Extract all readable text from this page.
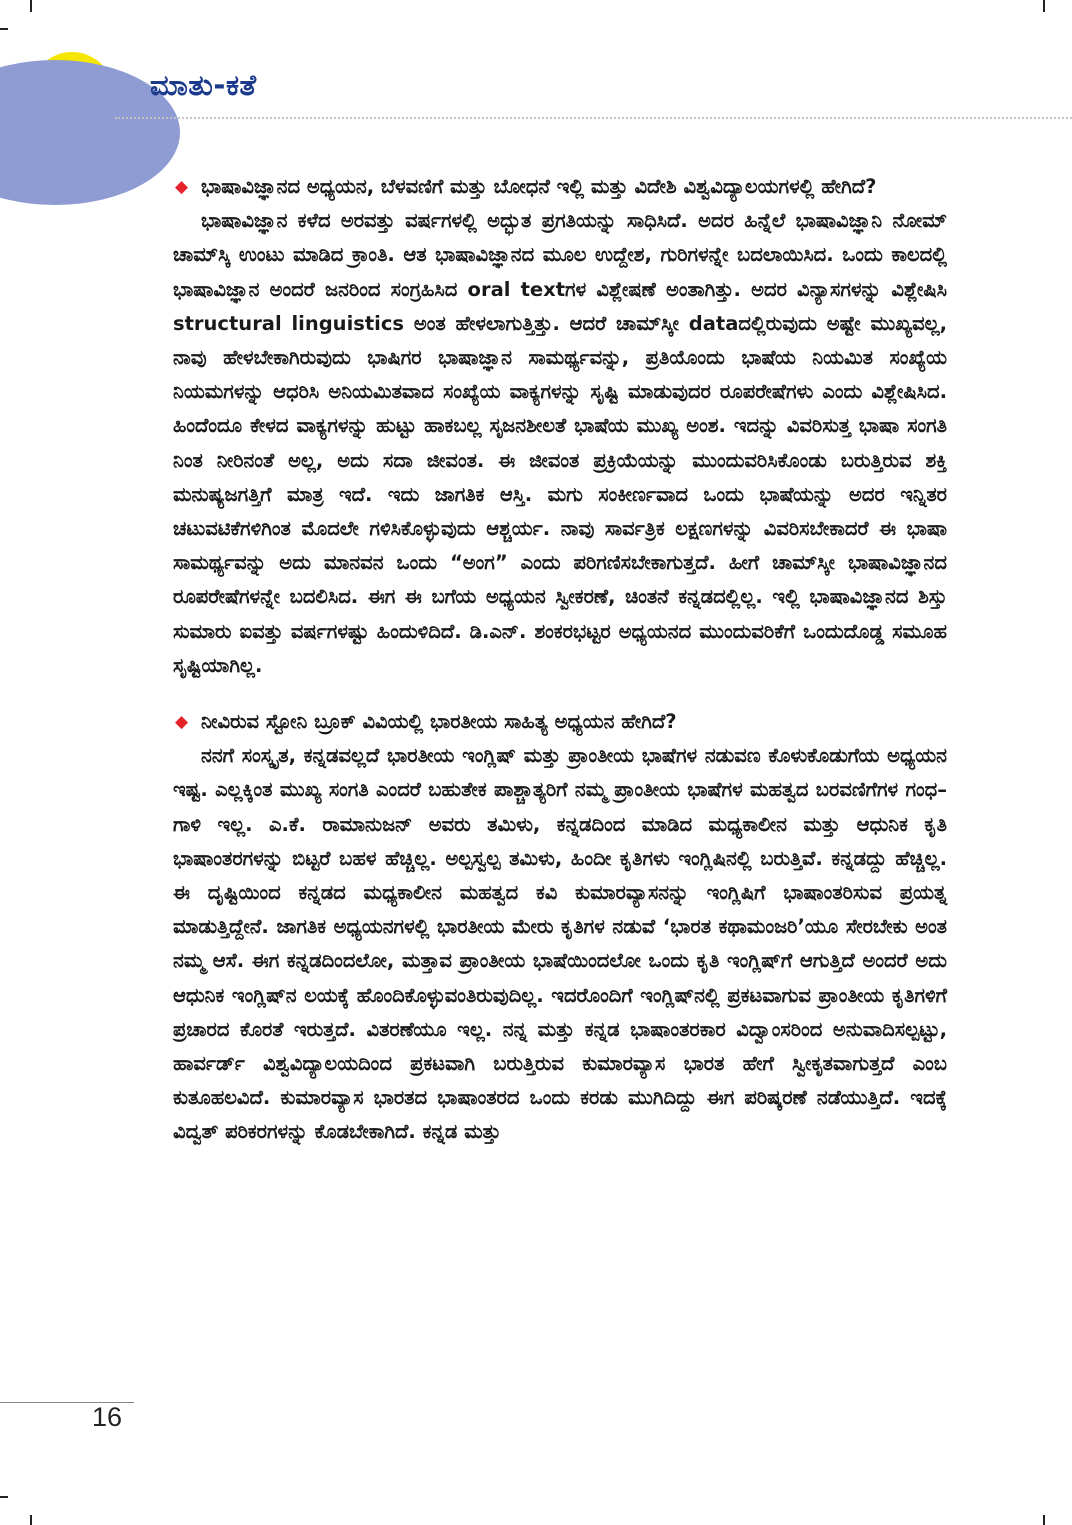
ಮಾತು-ಕತೆ

◆ ಭಾಷಾವಿಜ್ಞಾನದ ಅಧ್ಯಯನ, ಬೆಳವಣಿಗೆ ಮತ್ತು ಬೋಧನೆ ಇಲ್ಲಿ ಮತ್ತು ವಿದೇಶಿ ವಿಶ್ವವಿದ್ಯಾಲಯಗಳಲ್ಲಿ ಹೇಗಿದೆ?

ಭಾಷಾವಿಜ್ಞಾನ ಕಳೆದ ಅರವತ್ತು ವರ್ಷಗಳಲ್ಲಿ ಅದ್ಭುತ ಪ್ರಗತಿಯನ್ನು ಸಾಧಿಸಿದೆ. ಅದರ ಹಿನ್ನೆಲೆ ಭಾಷಾವಿಜ್ಞಾನಿ ನೋಮ್ ಚಾಮ್‌ಸ್ಕಿ ಉಂಟು ಮಾಡಿದ ಕ್ರಾಂತಿ. ಆತ ಭಾಷಾವಿಜ್ಞಾನದ ಮೂಲ ಉದ್ದೇಶ, ಗುರಿಗಳನ್ನೇ ಬದಲಾಯಿಸಿದ. ಒಂದು ಕಾಲದಲ್ಲಿ ಭಾಷಾವಿಜ್ಞಾನ ಅಂದರೆ ಜನರಿಂದ ಸಂಗ್ರಹಿಸಿದ oral textಗಳ ವಿಶ್ಲೇಷಣೆ ಅಂತಾಗಿತ್ತು. ಅದರ ವಿನ್ಯಾಸಗಳನ್ನು ವಿಶ್ಲೇಷಿಸಿ structural linguistics ಅಂತ ಹೇಳಲಾಗುತ್ತಿತ್ತು. ಆದರೆ ಚಾಮ್‌ಸ್ಕೀ dataದಲ್ಲಿರುವುದು ಅಷ್ಟೇ ಮುಖ್ಯವಲ್ಲ, ನಾವು ಹೇಳಬೇಕಾಗಿರುವುದು ಭಾಷಿಗರ ಭಾಷಾಜ್ಞಾನ ಸಾಮರ್ಥ್ಯವನ್ನು, ಪ್ರತಿಯೊಂದು ಭಾಷೆಯ ನಿಯಮಿತ ಸಂಖ್ಯೆಯ ನಿಯಮಗಳನ್ನು ಆಧರಿಸಿ ಅನಿಯಮಿತವಾದ ಸಂಖ್ಯೆಯ ವಾಕ್ಯಗಳನ್ನು ಸೃಷ್ಟಿ ಮಾಡುವುದರ ರೂಪರೇಷೆಗಳು ಎಂದು ವಿಶ್ಲೇಷಿಸಿದ. ಹಿಂದೆಂದೂ ಕೇಳದ ವಾಕ್ಯಗಳನ್ನು ಹುಟ್ಟು ಹಾಕಬಲ್ಲ ಸೃಜನಶೀಲತೆ ಭಾಷೆಯ ಮುಖ್ಯ ಅಂಶ. ಇದನ್ನು ವಿವರಿಸುತ್ತ ಭಾಷಾ ಸಂಗತಿ ನಿಂತ ನೀರಿನಂತೆ ಅಲ್ಲ, ಅದು ಸದಾ ಜೀವಂತ. ಈ ಜೀವಂತ ಪ್ರಕ್ರಿಯೆಯನ್ನು ಮುಂದುವರಿಸಿಕೊಂಡು ಬರುತ್ತಿರುವ ಶಕ್ತಿ ಮನುಷ್ಯಜಗತ್ತಿಗೆ ಮಾತ್ರ ಇದೆ. ಇದು ಜಾಗತಿಕ ಆಸ್ತಿ. ಮಗು ಸಂಕೀರ್ಣವಾದ ಒಂದು ಭಾಷೆಯನ್ನು ಅದರ ಇನ್ನಿತರ ಚಟುವಟಿಕೆಗಳಿಗಿಂತ ಮೊದಲೇ ಗಳಿಸಿಕೊಳ್ಳುವುದು ಆಶ್ಚರ್ಯ. ನಾವು ಸಾರ್ವತ್ರಿಕ ಲಕ್ಷಣಗಳನ್ನು ವಿವರಿಸಬೇಕಾದರೆ ಈ ಭಾಷಾ ಸಾಮರ್ಥ್ಯವನ್ನು ಅದು ಮಾನವನ ಒಂದು “ಅಂಗ” ಎಂದು ಪರಿಗಣಿಸಬೇಕಾಗುತ್ತದೆ. ಹೀಗೆ ಚಾಮ್‌ಸ್ಕೀ ಭಾಷಾವಿಜ್ಞಾನದ ರೂಪರೇಷೆಗಳನ್ನೇ ಬದಲಿಸಿದ. ಈಗ ಈ ಬಗೆಯ ಅಧ್ಯಯನ ಸ್ವೀಕರಣೆ, ಚಿಂತನೆ ಕನ್ನಡದಲ್ಲಿಲ್ಲ. ಇಲ್ಲಿ ಭಾಷಾವಿಜ್ಞಾನದ ಶಿಸ್ತು ಸುಮಾರು ಐವತ್ತು ವರ್ಷಗಳಷ್ಟು ಹಿಂದುಳಿದಿದೆ. ಡಿ.ಎನ್. ಶಂಕರಭಟ್ಟರ ಅಧ್ಯಯನದ ಮುಂದುವರಿಕೆಗೆ ಒಂದುದೊಡ್ಡ ಸಮೂಹ ಸೃಷ್ಟಿಯಾಗಿಲ್ಲ.

◆ ನೀವಿರುವ ಸ್ಟೋನಿ ಬ್ರೂಕ್ ವಿವಿಯಲ್ಲಿ ಭಾರತೀಯ ಸಾಹಿತ್ಯ ಅಧ್ಯಯನ ಹೇಗಿದೆ?

ನನಗೆ ಸಂಸ್ಕೃತ, ಕನ್ನಡವಲ್ಲದೆ ಭಾರತೀಯ ಇಂಗ್ಲಿಷ್ ಮತ್ತು ಪ್ರಾಂತೀಯ ಭಾಷೆಗಳ ನಡುವಣ ಕೊಳುಕೊಡುಗೆಯ ಅಧ್ಯಯನ ಇಷ್ಟ. ಎಲ್ಲಕ್ಕಿಂತ ಮುಖ್ಯ ಸಂಗತಿ ಎಂದರೆ ಬಹುತೇಕ ಪಾಶ್ಚಾತ್ಯರಿಗೆ ನಮ್ಮ ಪ್ರಾಂತೀಯ ಭಾಷೆಗಳ ಮಹತ್ವದ ಬರವಣಿಗೆಗಳ ಗಂಧ–ಗಾಳಿ ಇಲ್ಲ. ಎ.ಕೆ. ರಾಮಾನುಜನ್ ಅವರು ತಮಿಳು, ಕನ್ನಡದಿಂದ ಮಾಡಿದ ಮಧ್ಯಕಾಲೀನ ಮತ್ತು ಆಧುನಿಕ ಕೃತಿ ಭಾಷಾಂತರಗಳನ್ನು ಬಿಟ್ಟರೆ ಬಹಳ ಹೆಚ್ಚಿಲ್ಲ. ಅಲ್ಪಸ್ವಲ್ಪ ತಮಿಳು, ಹಿಂದೀ ಕೃತಿಗಳು ಇಂಗ್ಲಿಷಿನಲ್ಲಿ ಬರುತ್ತಿವೆ. ಕನ್ನಡದ್ದು ಹೆಚ್ಚಿಲ್ಲ. ಈ ದೃಷ್ಟಿಯಿಂದ ಕನ್ನಡದ ಮಧ್ಯಕಾಲೀನ ಮಹತ್ವದ ಕವಿ ಕುಮಾರವ್ಯಾಸನನ್ನು ಇಂಗ್ಲಿಷಿಗೆ ಭಾಷಾಂತರಿಸುವ ಪ್ರಯತ್ನ ಮಾಡುತ್ತಿದ್ದೇನೆ. ಜಾಗತಿಕ ಅಧ್ಯಯನಗಳಲ್ಲಿ ಭಾರತೀಯ ಮೇರು ಕೃತಿಗಳ ನಡುವೆ ‘ಭಾರತ ಕಥಾಮಂಜರಿ’ಯೂ ಸೇರಬೇಕು ಅಂತ ನಮ್ಮ ಆಸೆ. ಈಗ ಕನ್ನಡದಿಂದಲೋ, ಮತ್ತಾವ ಪ್ರಾಂತೀಯ ಭಾಷೆಯಿಂದಲೋ ಒಂದು ಕೃತಿ ಇಂಗ್ಲಿಷ್‌ಗೆ ಆಗುತ್ತಿದೆ ಅಂದರೆ ಅದು ಆಧುನಿಕ ಇಂಗ್ಲಿಷ್‌ನ ಲಯಕ್ಕೆ ಹೊಂದಿಕೊಳ್ಳುವಂತಿರುವುದಿಲ್ಲ. ಇದರೊಂದಿಗೆ ಇಂಗ್ಲಿಷ್‌ನಲ್ಲಿ ಪ್ರಕಟವಾಗುವ ಪ್ರಾಂತೀಯ ಕೃತಿಗಳಿಗೆ ಪ್ರಚಾರದ ಕೊರತೆ ಇರುತ್ತದೆ. ವಿತರಣೆಯೂ ಇಲ್ಲ. ನನ್ನ ಮತ್ತು ಕನ್ನಡ ಭಾಷಾಂತರಕಾರ ವಿದ್ವಾಂಸರಿಂದ ಅನುವಾದಿಸಲ್ಪಟ್ಟು, ಹಾರ್ವರ್ಡ್ ವಿಶ್ವವಿದ್ಯಾಲಯದಿಂದ ಪ್ರಕಟವಾಗಿ ಬರುತ್ತಿರುವ ಕುಮಾರವ್ಯಾಸ ಭಾರತ ಹೇಗೆ ಸ್ವೀಕೃತವಾಗುತ್ತದೆ ಎಂಬ ಕುತೂಹಲವಿದೆ. ಕುಮಾರವ್ಯಾಸ ಭಾರತದ ಭಾಷಾಂತರದ ಒಂದು ಕರಡು ಮುಗಿದಿದ್ದು ಈಗ ಪರಿಷ್ಕರಣೆ ನಡೆಯುತ್ತಿದೆ. ಇದಕ್ಕೆ ವಿದ್ವತ್ ಪರಿಕರಗಳನ್ನು ಕೊಡಬೇಕಾಗಿದೆ. ಕನ್ನಡ ಮತ್ತು

16
